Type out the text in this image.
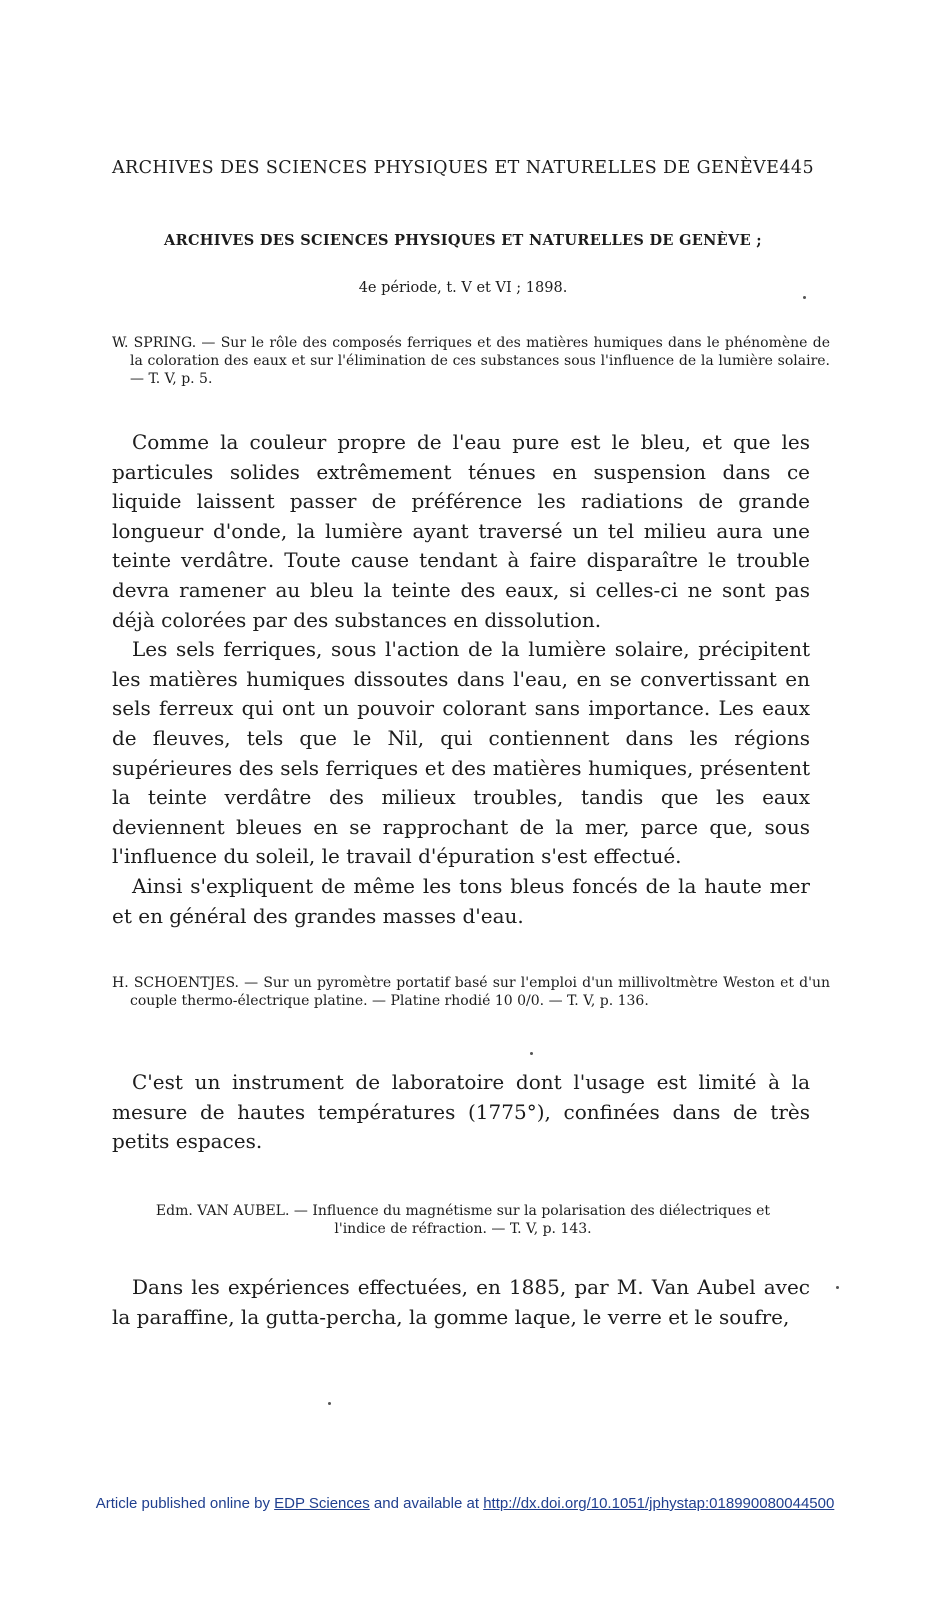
ARCHIVES DES SCIENCES PHYSIQUES ET NATURELLES DE GENÈVE 445
ARCHIVES DES SCIENCES PHYSIQUES ET NATURELLES DE GENÈVE ;
4e période, t. V et VI ; 1898.
W. SPRING. — Sur le rôle des composés ferriques et des matières humiques dans le phénomène de la coloration des eaux et sur l'élimination de ces substances sous l'influence de la lumière solaire. — T. V, p. 5.

Comme la couleur propre de l'eau pure est le bleu, et que les particules solides extrêmement ténues en suspension dans ce liquide laissent passer de préférence les radiations de grande longueur d'onde, la lumière ayant traversé un tel milieu aura une teinte verdâtre. Toute cause tendant à faire disparaître le trouble devra ramener au bleu la teinte des eaux, si celles-ci ne sont pas déjà colorées par des substances en dissolution.

Les sels ferriques, sous l'action de la lumière solaire, précipitent les matières humiques dissoutes dans l'eau, en se convertissant en sels ferreux qui ont un pouvoir colorant sans importance. Les eaux de fleuves, tels que le Nil, qui contiennent dans les régions supérieures des sels ferriques et des matières humiques, présentent la teinte verdâtre des milieux troubles, tandis que les eaux deviennent bleues en se rapprochant de la mer, parce que, sous l'influence du soleil, le travail d'épuration s'est effectué.

Ainsi s'expliquent de même les tons bleus foncés de la haute mer et en général des grandes masses d'eau.

H. SCHOENTJES. — Sur un pyromètre portatif basé sur l'emploi d'un millivoltmètre Weston et d'un couple thermo-électrique platine. — Platine rhodié 10 0/0. — T. V, p. 136.

C'est un instrument de laboratoire dont l'usage est limité à la mesure de hautes températures (1775°), confinées dans de très petits espaces.

Edm. VAN AUBEL. — Influence du magnétisme sur la polarisation des diélectriques et l'indice de réfraction. — T. V, p. 143.

Dans les expériences effectuées, en 1885, par M. Van Aubel avec la paraffine, la gutta-percha, la gomme laque, le verre et le soufre,

Article published online by EDP Sciences and available at http://dx.doi.org/10.1051/jphystap:018990080044500
